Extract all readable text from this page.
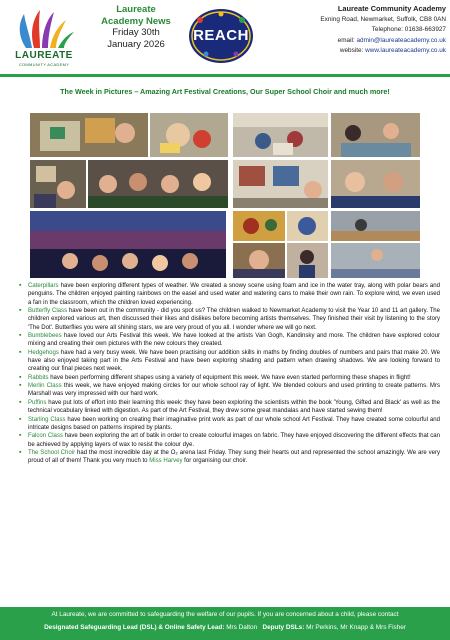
LAUREATE
COMMUNITY ACADEMY
Laureate
Academy News
Friday 30th
January 2026	REACH
Laureate Community Academy
Exning Road, Newmarket, Suffolk, CB8 0AN
Telephone: 01638-663927
email: admin@laureateacademy.co.uk
website: www.laureateacademy.co.uk
The Week in Pictures – Amazing Art Festival Creations, Our Super School Choir and much more!
▪ Caterpillars have been exploring different types of weather. We created a snowy scene using foam and ice in the water tray, along with polar bears and penguins. The children enjoyed painting rainbows on the easel and used water and watering cans to make their own rain. To explore wind, we even used a fan in the classroom, which the children loved experiencing.
▪ Butterfly Class have been out in the community - did you spot us? The children walked to Newmarket Academy to visit the Year 10 and 11 art gallery. The children explored various art, then discussed their likes and dislikes before becoming artists themselves. They finished their visit by listening to the story 'The Dot'. Butterflies you were all shining stars, we are very proud of you all. I wonder where we will go next.
▪ Bumblebees have loved our Arts Festival this week. We have looked at the artists Van Gogh, Kandinsky and more. The children have explored colour mixing and creating their own pictures with the new colours they created.
▪ Hedgehogs have had a very busy week. We have been practising our addition skills in maths by finding doubles of numbers and pairs that make 20. We have also enjoyed taking part in the Arts Festival and have been exploring shading and pattern when drawing shadows. We are looking forward to creating our final pieces next week.
▪ Rabbits have been performing different shapes using a variety of equipment this week. We have even started performing these shapes in flight!
▪ Merlin Class this week, we have enjoyed making circles for our whole school ray of light. We blended colours and used printing to create patterns. Mrs Marshall was very impressed with our hard work.
▪ Puffins have put lots of effort into their learning this week: they have been exploring the scientists within the book 'Young, Gifted and Black' as well as the technical vocabulary linked with digestion. As part of the Art Festival, they drew some great mandalas and have started sewing them!
▪ Starling Class have been working on creating their imaginative print work as part of our whole school Art Festival. They have created some colourful and intricate designs based on patterns inspired by plants.
▪ Falcon Class have been exploring the art of batik in order to create colourful images on fabric. They have enjoyed discovering the different effects that can be achieved by applying layers of wax to resist the colour dye.
▪ The School Choir had the most incredible day at the O₂ arena last Friday. They sung their hearts out and represented the school amazingly. We are very proud of all of them! Thank you very much to Miss Harvey for organising our choir.
At Laureate, we are committed to safeguarding the welfare of our pupils. If you are concerned about a child, please contact
Designated Safeguarding Lead (DSL) & Online Safety Lead: Mrs Dalton Deputy DSLs: Mr Perkins, Mr Knapp & Mrs Fisher
